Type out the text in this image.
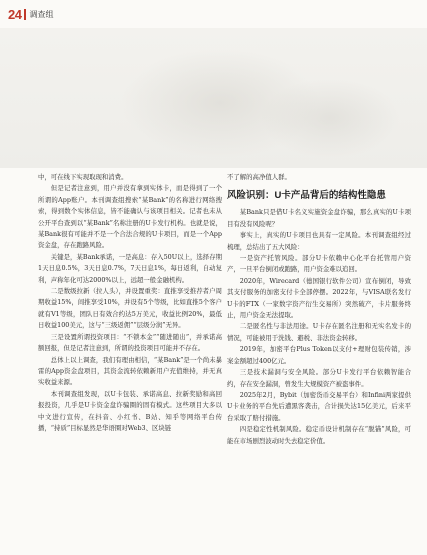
24 调查组

中，可在线下实现取现和消费。

但是记者注意到，用户并没有拿到实体卡，而是得到了一个所谓的App账户。本刊调查组搜索“某Bank”的名称进行网络搜索，得到数个实体信息，皆不能确认与该项目相关。记者也未从公开平台查到以“某Bank”名称注册的U卡发行机构。也就是说，某Bank很有可能并不是一个合法合规的U卡项目，而是一个App资金盘，存在跑路风险。

关键是，某Bank承诺，一是高息：存入50U以上，选择存期1天日息0.5%，3天日息0.7%，7天日息1%，每日返利，自动复利，声称年化可达2000%以上，远超一般金融机构。

二是数级拉新（拉人头），并设置重奖：直推享受推荐者户周期收益15%，间推享受10%，并设有5个等级，比如直推5个客户就有V1等级，团队日有效合约达5万美元，收益比例20%，最低日收益100美元，这与“三级返佣”“层级分润”无异。

三是设置所谓投资项目：“不锁本金”“随进随出”，并承诺高额回报，但是记者注意到，所谓的投资项目可能并不存在。

总体上以上调查，我们有理由相信，“某Bank”是一个尚未暴雷的App资金盘项目，其资金流转依赖新用户充值维持，并无真实收益来源。

本刊调查组发现，以U卡包装、承诺高息、拉新奖励和高回报投资，几乎是U卡资金盘诈骗圈的固有模式。这些项目大多以中文进行宣传，在抖音、小红书、B站、知乎等网络平台传播，“持质”目标显然是华语圈对Web3、区块链

不了解的高净值人群。

风险识别：U卡产品背后的结构性隐患

某Bank只是借U卡名义实施资金盘诈骗，那么真实的U卡项目有没有风险呢？

事实上，真实的U卡项目也具有一定风险。本刊调查组经过梳理，总结出了五大风险：

一是资产托管风险。部分U卡依赖中心化平台托管用户资产，一旦平台倒闭或跑路，用户资金难以追回。

2020年，Wirecard（德国银行软件公司）宣布倒闭，导致其支付服务的加密支付卡全部停摆。2022年，与VISA联名发行U卡的FTX（一家数字资产衍生交易所）突然破产，卡片服务终止，用户资金无法提取。

二是匿名性与非法用途。U卡存在匿名注册和无实名发卡的情况，可能被用于洗钱、避税、非法资金转移。

2019年，加密平台Plus Token以支付+理财包装传销，涉案金额超过400亿元。

三是技术漏洞与安全风险。部分U卡发行平台依赖智能合约，存在安全漏洞，曾发生大规模资产被盗事件。

2025年2月，Bybit（加密货币交易平台）和Infini两家提供U卡业务的平台先后遭黑客袭击，合计损失达15亿美元，后来平台采取了赔付措施。

四是稳定性机制风险。稳定币设计机制存在“脱锚”风险，可能在市场剧烈波动时失去稳定价值。
